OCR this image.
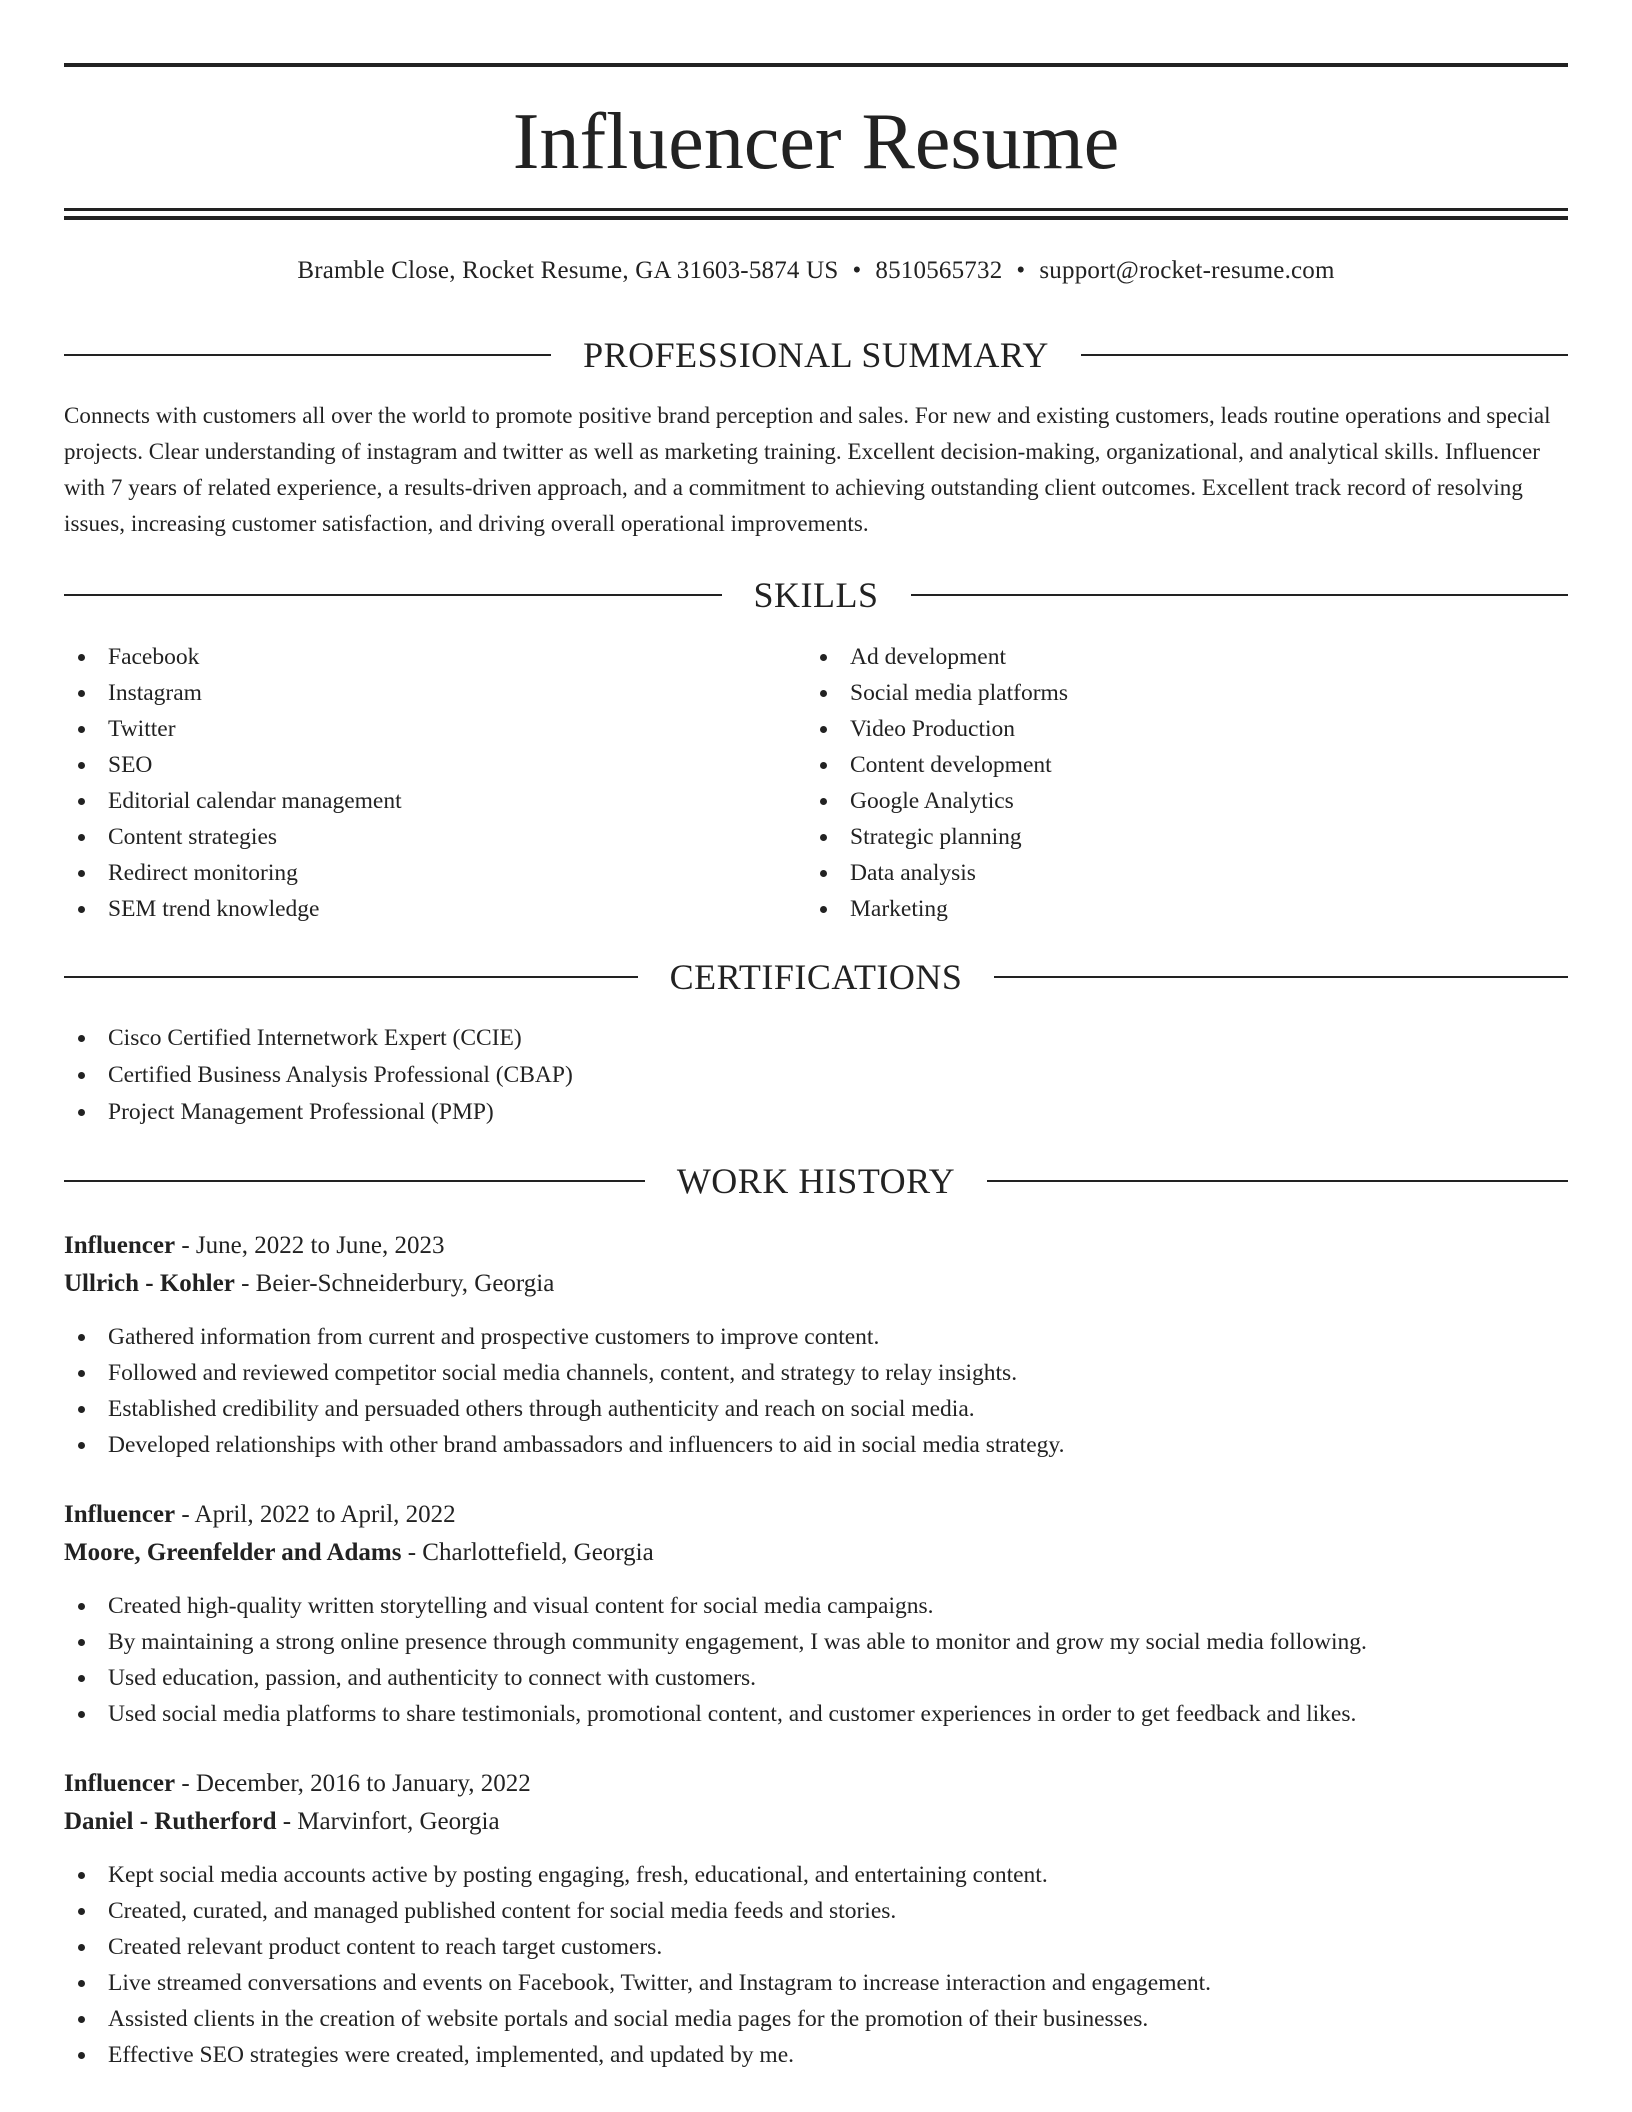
Influencer Resume
Bramble Close, Rocket Resume, GA 31603-5874 US • 8510565732 • support@rocket-resume.com
PROFESSIONAL SUMMARY

Connects with customers all over the world to promote positive brand perception and sales. For new and existing customers, leads routine operations and special projects. Clear understanding of instagram and twitter as well as marketing training. Excellent decision-making, organizational, and analytical skills. Influencer with 7 years of related experience, a results-driven approach, and a commitment to achieving outstanding client outcomes. Excellent track record of resolving issues, increasing customer satisfaction, and driving overall operational improvements.

SKILLS
Facebook
Instagram
Twitter
SEO
Editorial calendar management
Content strategies
Redirect monitoring
SEM trend knowledge
Ad development
Social media platforms
Video Production
Content development
Google Analytics
Strategic planning
Data analysis
Marketing
CERTIFICATIONS
Cisco Certified Internetwork Expert (CCIE)
Certified Business Analysis Professional (CBAP)
Project Management Professional (PMP)
WORK HISTORY
Influencer - June, 2022 to June, 2023
Ullrich - Kohler - Beier-Schneiderbury, Georgia
Gathered information from current and prospective customers to improve content.
Followed and reviewed competitor social media channels, content, and strategy to relay insights.
Established credibility and persuaded others through authenticity and reach on social media.
Developed relationships with other brand ambassadors and influencers to aid in social media strategy.
Influencer - April, 2022 to April, 2022
Moore, Greenfelder and Adams - Charlottefield, Georgia
Created high-quality written storytelling and visual content for social media campaigns.
By maintaining a strong online presence through community engagement, I was able to monitor and grow my social media following.
Used education, passion, and authenticity to connect with customers.
Used social media platforms to share testimonials, promotional content, and customer experiences in order to get feedback and likes.
Influencer - December, 2016 to January, 2022
Daniel - Rutherford - Marvinfort, Georgia
Kept social media accounts active by posting engaging, fresh, educational, and entertaining content.
Created, curated, and managed published content for social media feeds and stories.
Created relevant product content to reach target customers.
Live streamed conversations and events on Facebook, Twitter, and Instagram to increase interaction and engagement.
Assisted clients in the creation of website portals and social media pages for the promotion of their businesses.
Effective SEO strategies were created, implemented, and updated by me.
